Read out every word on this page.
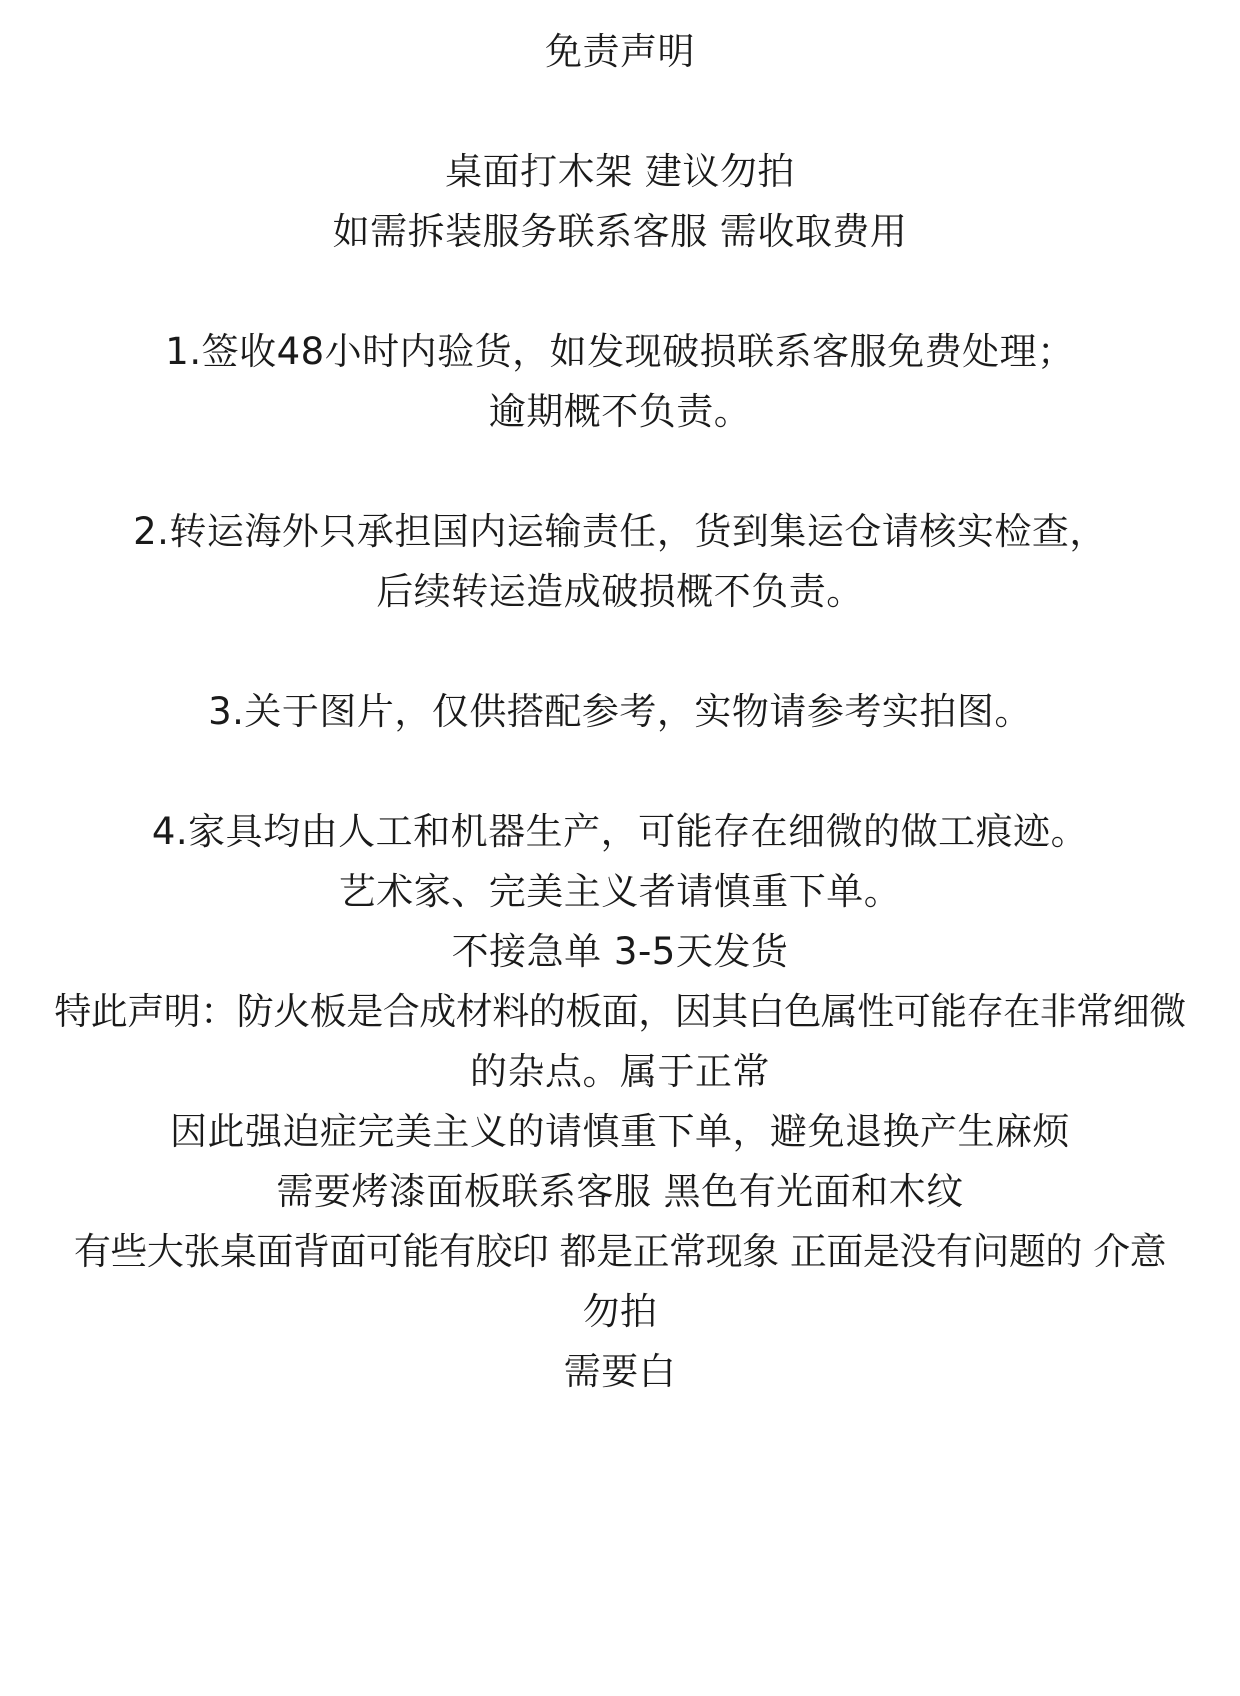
免责声明
桌面打木架 建议勿拍
如需拆装服务联系客服 需收取费用
1.签收48小时内验货，如发现破损联系客服免费处理；
逾期概不负责。
2.转运海外只承担国内运输责任，货到集运仓请核实检查，
后续转运造成破损概不负责。
3.关于图片，仅供搭配参考，实物请参考实拍图。
4.家具均由人工和机器生产，可能存在细微的做工痕迹。
艺术家、完美主义者请慎重下单。
不接急单 3-5天发货
特此声明：防火板是合成材料的板面，因其白色属性可能存在非常细微
的杂点。属于正常
因此强迫症完美主义的请慎重下单，避免退换产生麻烦
需要烤漆面板联系客服 黑色有光面和木纹
有些大张桌面背面可能有胶印 都是正常现象 正面是没有问题的 介意
勿拍
需要白
